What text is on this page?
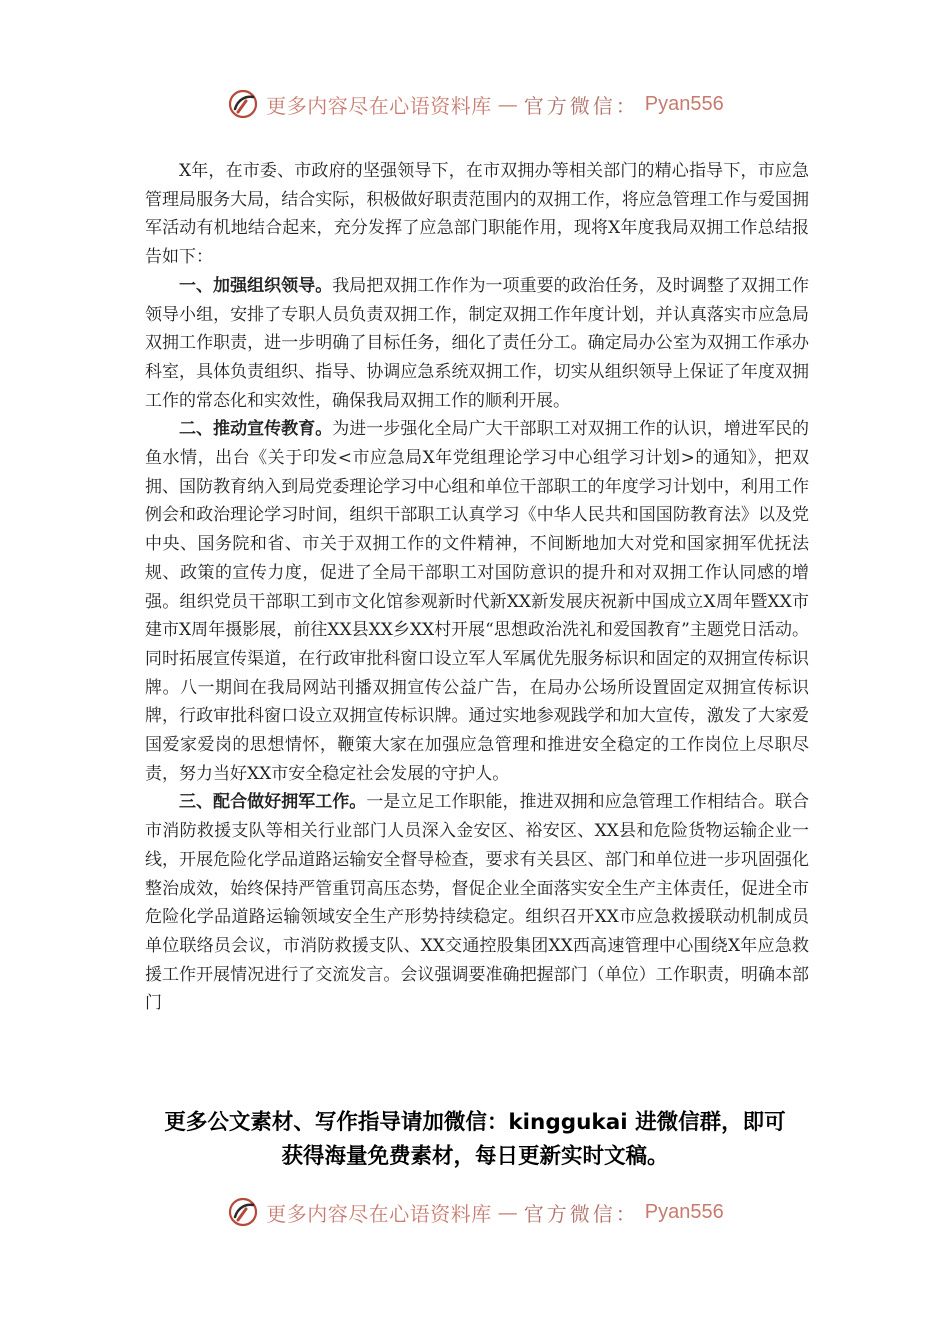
更多内容尽在心语资料库 — 官方微信： Pyan556

X年，在市委、市政府的坚强领导下，在市双拥办等相关部门的精心指导下，市应急管理局服务大局，结合实际，积极做好职责范围内的双拥工作，将应急管理工作与爱国拥军活动有机地结合起来，充分发挥了应急部门职能作用，现将X年度我局双拥工作总结报告如下：

一、加强组织领导。我局把双拥工作作为一项重要的政治任务，及时调整了双拥工作领导小组，安排了专职人员负责双拥工作，制定双拥工作年度计划，并认真落实市应急局双拥工作职责，进一步明确了目标任务，细化了责任分工。确定局办公室为双拥工作承办科室，具体负责组织、指导、协调应急系统双拥工作，切实从组织领导上保证了年度双拥工作的常态化和实效性，确保我局双拥工作的顺利开展。

二、推动宣传教育。为进一步强化全局广大干部职工对双拥工作的认识，增进军民的鱼水情，出台《关于印发<市应急局X年党组理论学习中心组学习计划>的通知》，把双拥、国防教育纳入到局党委理论学习中心组和单位干部职工的年度学习计划中，利用工作例会和政治理论学习时间，组织干部职工认真学习《中华人民共和国国防教育法》以及党中央、国务院和省、市关于双拥工作的文件精神，不间断地加大对党和国家拥军优抚法规、政策的宣传力度，促进了全局干部职工对国防意识的提升和对双拥工作认同感的增强。组织党员干部职工到市文化馆参观新时代新XX新发展庆祝新中国成立X周年暨XX市建市X周年摄影展，前往XX县XX乡XX村开展“思想政治洗礼和爱国教育”主题党日活动。同时拓展宣传渠道，在行政审批科窗口设立军人军属优先服务标识和固定的双拥宣传标识牌。八一期间在我局网站刊播双拥宣传公益广告，在局办公场所设置固定双拥宣传标识牌，行政审批科窗口设立双拥宣传标识牌。通过实地参观践学和加大宣传，激发了大家爱国爱家爱岗的思想情怀，鞭策大家在加强应急管理和推进安全稳定的工作岗位上尽职尽责，努力当好XX市安全稳定社会发展的守护人。

三、配合做好拥军工作。一是立足工作职能，推进双拥和应急管理工作相结合。联合市消防救援支队等相关行业部门人员深入金安区、裕安区、XX县和危险货物运输企业一线，开展危险化学品道路运输安全督导检查，要求有关县区、部门和单位进一步巩固强化整治成效，始终保持严管重罚高压态势，督促企业全面落实安全生产主体责任，促进全市危险化学品道路运输领域安全生产形势持续稳定。组织召开XX市应急救援联动机制成员单位联络员会议，市消防救援支队、XX交通控股集团XX西高速管理中心围绕X年应急救援工作开展情况进行了交流发言。会议强调要准确把握部门（单位）工作职责，明确本部门

更多公文素材、写作指导请加微信：kinggukai 进微信群，即可
获得海量免费素材，每日更新实时文稿。
更多内容尽在心语资料库 — 官方微信： Pyan556
